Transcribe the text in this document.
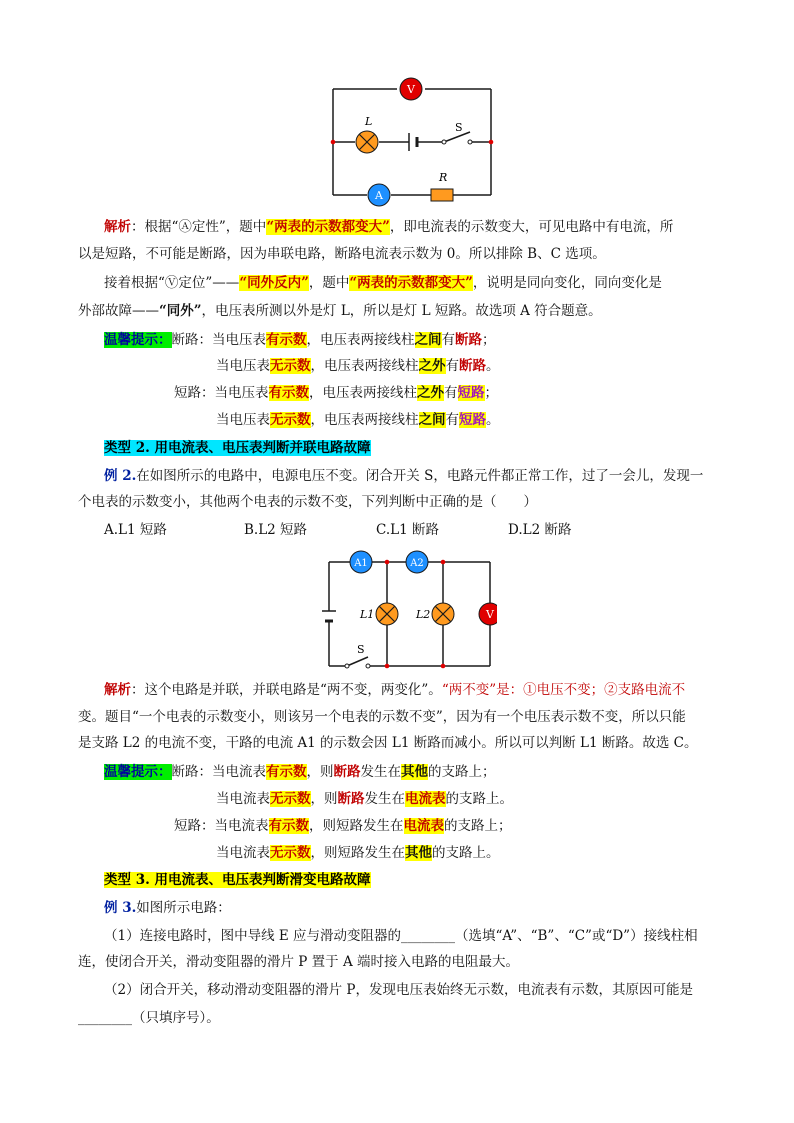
V
L	S
A
R
解析：根据“Ⓐ定性”，题中“两表的示数都变大”，即电流表的示数变大，可见电路中有电流，所
以是短路，不可能是断路，因为串联电路，断路电流表示数为 0。所以排除 B、C 选项。
接着根据“Ⓥ定位”——“同外反内”，题中“两表的示数都变大”，说明是同向变化，同向变化是
外部故障——“同外”，电压表所测以外是灯 L，所以是灯 L 短路。故选项 A 符合题意。
温馨提示：断路：当电压表有示数，电压表两接线柱之间有断路；
当电压表无示数，电压表两接线柱之外有断路。
短路：当电压表有示数，电压表两接线柱之外有短路；
当电压表无示数，电压表两接线柱之间有短路。
类型 2. 用电流表、电压表判断并联电路故障
例 2.在如图所示的电路中，电源电压不变。闭合开关 S，电路元件都正常工作，过了一会儿，发现一
个电表的示数变小，其他两个电表的示数不变，下列判断中正确的是（　　）
A.L1 短路	B.L2 短路	C.L1 断路	D.L2 断路
S
A1	A2
L1	L2	V
解析：这个电路是并联，并联电路是“两不变，两变化”。“两不变”是：①电压不变；②支路电流不
变。题目“一个电表的示数变小，则该另一个电表的示数不变”，因为有一个电压表示数不变，所以只能
是支路 L2 的电流不变，干路的电流 A1 的示数会因 L1 断路而减小。所以可以判断 L1 断路。故选 C。
温馨提示：断路：当电流表有示数，则断路发生在其他的支路上；
当电流表无示数，则断路发生在电流表的支路上。
短路：当电流表有示数，则短路发生在电流表的支路上；
当电流表无示数，则短路发生在其他的支路上。
类型 3. 用电流表、电压表判断滑变电路故障
例 3.如图所示电路：
（1）连接电路时，图中导线 E 应与滑动变阻器的________（选填“A”、“B”、“C”或“D”）接线柱相
连，使闭合开关，滑动变阻器的滑片 P 置于 A 端时接入电路的电阻最大。
（2）闭合开关，移动滑动变阻器的滑片 P，发现电压表始终无示数，电流表有示数，其原因可能是
________（只填序号）。
